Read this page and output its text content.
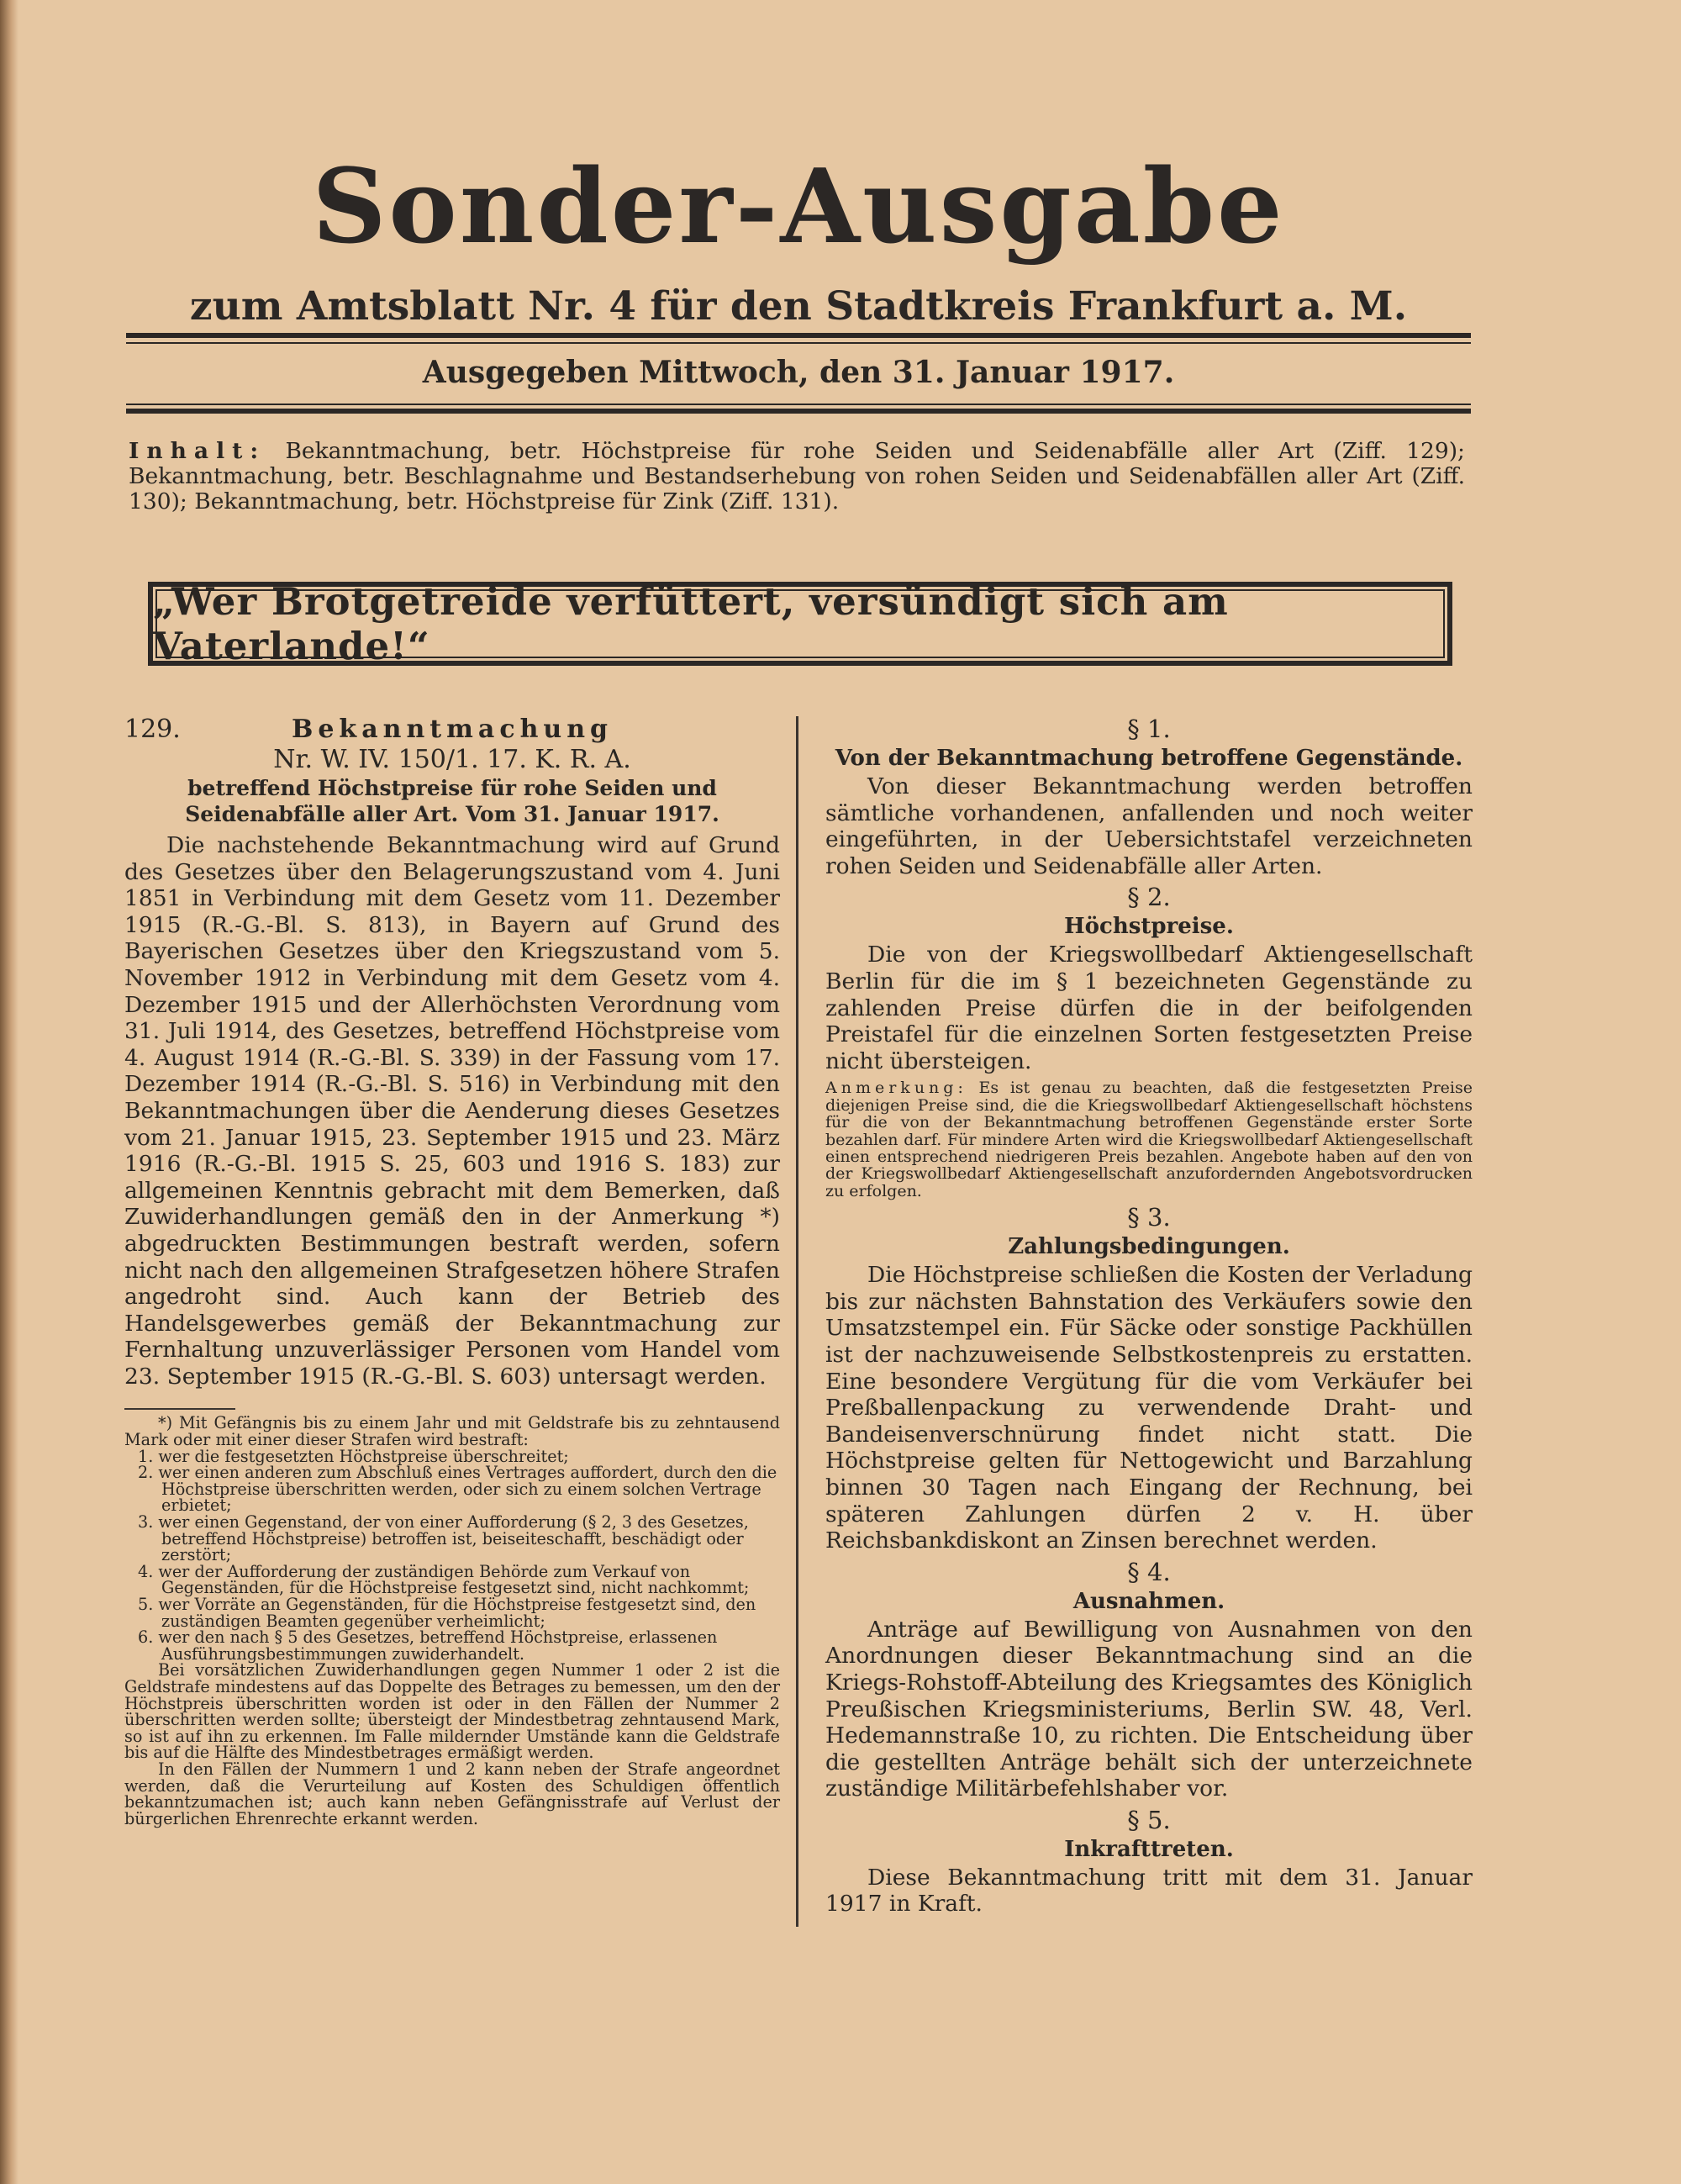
Sonder-Ausgabe
zum Amtsblatt Nr. 4 für den Stadtkreis Frankfurt a. M.
Ausgegeben Mittwoch, den 31. Januar 1917.
Inhalt: Bekanntmachung, betr. Höchstpreise für rohe Seiden und Seidenabfälle aller Art (Ziff. 129); Bekanntmachung, betr. Beschlagnahme und Bestandserhebung von rohen Seiden und Seidenabfällen aller Art (Ziff. 130); Bekanntmachung, betr. Höchstpreise für Zink (Ziff. 131).
„Wer Brotgetreide verfüttert, versündigt sich am Vaterlande!“
129.	Bekanntmachung
Nr. W. IV. 150/1. 17. K. R. A.
betreffend Höchstpreise für rohe Seiden und Seidenabfälle aller Art. Vom 31. Januar 1917.

Die nachstehende Bekanntmachung wird auf Grund des Gesetzes über den Belagerungszustand vom 4. Juni 1851 in Verbindung mit dem Gesetz vom 11. Dezember 1915 (R.-G.-Bl. S. 813), in Bayern auf Grund des Bayerischen Gesetzes über den Kriegszustand vom 5. November 1912 in Verbindung mit dem Gesetz vom 4. Dezember 1915 und der Allerhöchsten Verordnung vom 31. Juli 1914, des Gesetzes, betreffend Höchstpreise vom 4. August 1914 (R.-G.-Bl. S. 339) in der Fassung vom 17. Dezember 1914 (R.-G.-Bl. S. 516) in Verbindung mit den Bekanntmachungen über die Aenderung dieses Gesetzes vom 21. Januar 1915, 23. September 1915 und 23. März 1916 (R.-G.-Bl. 1915 S. 25, 603 und 1916 S. 183) zur allgemeinen Kenntnis gebracht mit dem Bemerken, daß Zuwiderhandlungen gemäß den in der Anmerkung *) abgedruckten Bestimmungen bestraft werden, sofern nicht nach den allgemeinen Strafgesetzen höhere Strafen angedroht sind. Auch kann der Betrieb des Handelsgewerbes gemäß der Bekanntmachung zur Fernhaltung unzuverlässiger Personen vom Handel vom 23. September 1915 (R.-G.-Bl. S. 603) untersagt werden.

*) Mit Gefängnis bis zu einem Jahr und mit Geldstrafe bis zu zehntausend Mark oder mit einer dieser Strafen wird bestraft:

1. wer die festgesetzten Höchstpreise überschreitet;

2. wer einen anderen zum Abschluß eines Vertrages auffordert, durch den die Höchstpreise überschritten werden, oder sich zu einem solchen Vertrage erbietet;

3. wer einen Gegenstand, der von einer Aufforderung (§ 2, 3 des Gesetzes, betreffend Höchstpreise) betroffen ist, beiseiteschafft, beschädigt oder zerstört;

4. wer der Aufforderung der zuständigen Behörde zum Verkauf von Gegenständen, für die Höchstpreise festgesetzt sind, nicht nachkommt;

5. wer Vorräte an Gegenständen, für die Höchstpreise festgesetzt sind, den zuständigen Beamten gegenüber verheimlicht;

6. wer den nach § 5 des Gesetzes, betreffend Höchstpreise, erlassenen Ausführungsbestimmungen zuwiderhandelt.

Bei vorsätzlichen Zuwiderhandlungen gegen Nummer 1 oder 2 ist die Geldstrafe mindestens auf das Doppelte des Betrages zu bemessen, um den der Höchstpreis überschritten worden ist oder in den Fällen der Nummer 2 überschritten werden sollte; übersteigt der Mindestbetrag zehntausend Mark, so ist auf ihn zu erkennen. Im Falle mildernder Umstände kann die Geldstrafe bis auf die Hälfte des Mindestbetrages ermäßigt werden.

In den Fällen der Nummern 1 und 2 kann neben der Strafe angeordnet werden, daß die Verurteilung auf Kosten des Schuldigen öffentlich bekanntzumachen ist; auch kann neben Gefängnisstrafe auf Verlust der bürgerlichen Ehrenrechte erkannt werden.

§ 1.

Von der Bekanntmachung betroffene Gegenstände.

Von dieser Bekanntmachung werden betroffen sämtliche vorhandenen, anfallenden und noch weiter eingeführten, in der Uebersichtstafel verzeichneten rohen Seiden und Seidenabfälle aller Arten.

§ 2.

Höchstpreise.

Die von der Kriegswollbedarf Aktiengesellschaft Berlin für die im § 1 bezeichneten Gegenstände zu zahlenden Preise dürfen die in der beifolgenden Preistafel für die einzelnen Sorten festgesetzten Preise nicht übersteigen.

Anmerkung: Es ist genau zu beachten, daß die festgesetzten Preise diejenigen Preise sind, die die Kriegswollbedarf Aktiengesellschaft höchstens für die von der Bekanntmachung betroffenen Gegenstände erster Sorte bezahlen darf. Für mindere Arten wird die Kriegswollbedarf Aktiengesellschaft einen entsprechend niedrigeren Preis bezahlen. Angebote haben auf den von der Kriegswollbedarf Aktiengesellschaft anzufordernden Angebotsvordrucken zu erfolgen.

§ 3.

Zahlungsbedingungen.

Die Höchstpreise schließen die Kosten der Verladung bis zur nächsten Bahnstation des Verkäufers sowie den Umsatzstempel ein. Für Säcke oder sonstige Packhüllen ist der nachzuweisende Selbstkostenpreis zu erstatten. Eine besondere Vergütung für die vom Verkäufer bei Preßballenpackung zu verwendende Draht- und Bandeisenverschnürung findet nicht statt. Die Höchstpreise gelten für Nettogewicht und Barzahlung binnen 30 Tagen nach Eingang der Rechnung, bei späteren Zahlungen dürfen 2 v. H. über Reichsbankdiskont an Zinsen berechnet werden.

§ 4.

Ausnahmen.

Anträge auf Bewilligung von Ausnahmen von den Anordnungen dieser Bekanntmachung sind an die Kriegs-Rohstoff-Abteilung des Kriegsamtes des Königlich Preußischen Kriegsministeriums, Berlin SW. 48, Verl. Hedemannstraße 10, zu richten. Die Entscheidung über die gestellten Anträge behält sich der unterzeichnete zuständige Militärbefehlshaber vor.

§ 5.

Inkrafttreten.

Diese Bekanntmachung tritt mit dem 31. Januar 1917 in Kraft.
